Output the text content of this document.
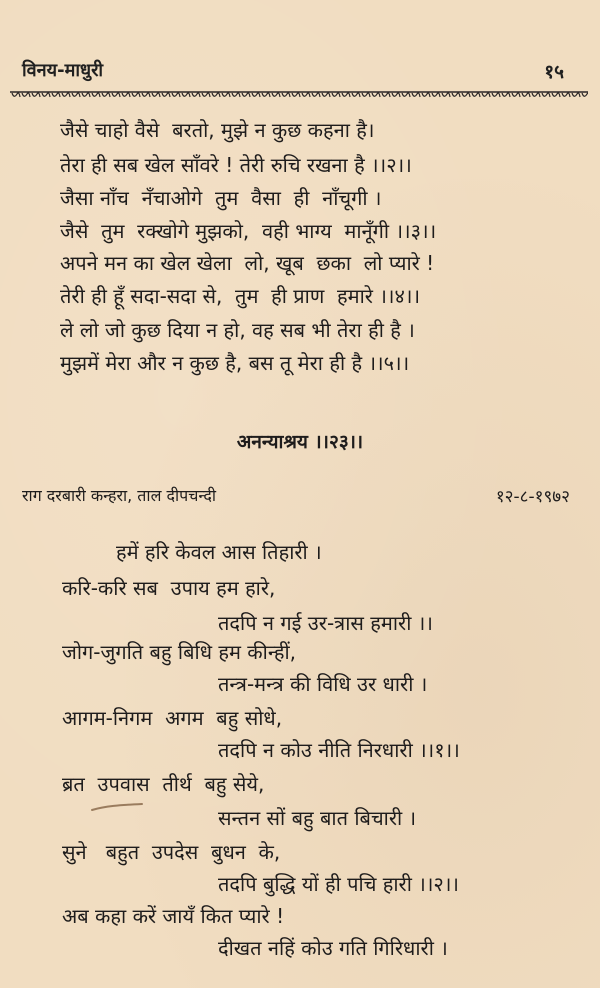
विनय-माधुरी	१५
जैसे चाहो वैसे  बरतो, मुझे न कुछ कहना है।
तेरा ही सब खेल साँवरे ! तेरी रुचि रखना है ।।२।।
जैसा नाँच  नँचाओगे  तुम  वैसा  ही  नाँचूगी ।
जैसे  तुम  रक्खोगे मुझको,  वही भाग्य  मानूँगी ।।३।।
अपने मन का खेल खेला  लो, खूब  छका  लो प्यारे !
तेरी ही हूँ सदा-सदा से,  तुम  ही प्राण  हमारे ।।४।।
ले लो जो कुछ दिया न हो, वह सब भी तेरा ही है ।
मुझमें मेरा और न कुछ है, बस तू मेरा ही है ।।५।।
अनन्याश्रय ।।२३।।
राग दरबारी कन्हरा, ताल दीपचन्दी	१२-८-१९७२
हमें हरि केवल आस तिहारी ।
करि-करि सब  उपाय हम हारे,
तदपि न गई उर-त्रास हमारी ।।
जोग-जुगति बहु बिधि हम कीन्हीं,
तन्त्र-मन्त्र की विधि उर धारी ।
आगम-निगम  अगम  बहु सोधे,
तदपि न कोउ नीति निरधारी ।।१।।
ब्रत  उपवास  तीर्थ  बहु सेये,
सन्तन सों बहु बात बिचारी ।
सुने   बहुत  उपदेस  बुधन  के,
तदपि बुद्धि यों ही पचि हारी ।।२।।
अब कहा करें जायँ कित प्यारे !
दीखत नहिं कोउ गति गिरिधारी ।
